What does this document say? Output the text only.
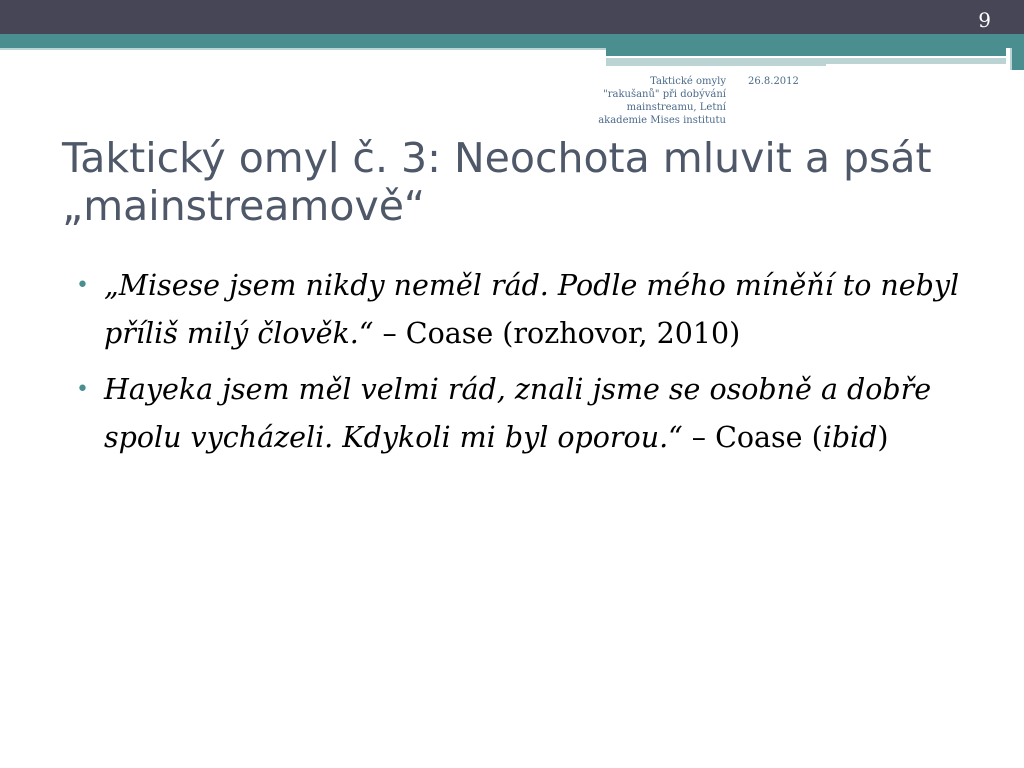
9
Taktické omyly
"rakušanů" při dobývání
mainstreamu, Letní
akademie Mises institutu
26.8.2012
Taktický omyl č. 3: Neochota mluvit a psát „mainstreamově“
• „Misese jsem nikdy neměl rád. Podle mého míněňí to nebyl příliš milý člověk.“ – Coase (rozhovor, 2010)
• Hayeka jsem měl velmi rád, znali jsme se osobně a dobře spolu vycházeli. Kdykoli mi byl oporou.“ – Coase (ibid)
